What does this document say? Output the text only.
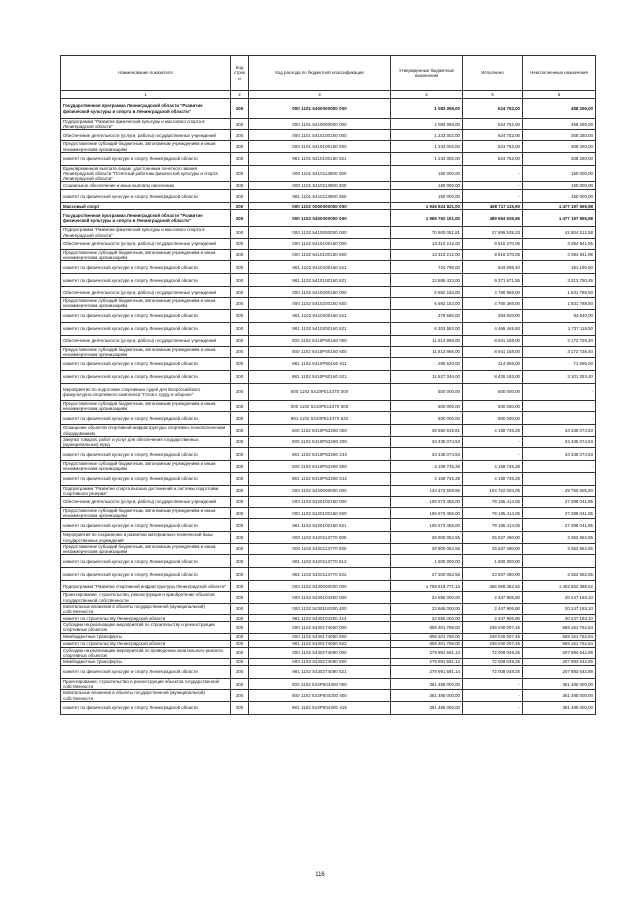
Наименование показателя	Код строк и	Код расхода по бюджетной классификации	Утвержденные бюджетные назначения	Исполнено	Неисполненные назначения
1	2	3	4	5	6
Государственная программа Ленинградской области "Развитие физической культуры и спорта в Ленинградской области"	200	000 1101 5400000000 000	1 083 058,00	624 752,00	458 256,00
Подпрограмма "Развитие физической культуры и массового спорта в Ленинградской области"	200	000 1101 5410000000 000	1 083 058,00	624 752,00	458 256,00
Обеспечение деятельности (услуги, работы) государственных учреждений	200	000 1101 5410100160 000	1 233 002,00	624 752,00	308 250,00
Предоставление субсидий бюджетным, автономным учреждениям и иным некоммерческим организациям	200	000 1101 5410100160 600	1 233 002,00	624 752,00	308 250,00
комитет по физической культуре и спорту Ленинградской области	200	981 1101 5410100160 621	1 233 002,00	624 752,00	308 250,00
Единовременная выплата лицам, удостоенным почетного звания Ленинградской области "Почетный работник физической культуры и спорта Ленинградской области"	200	000 1101 5410113900 000	150 000,00	-	150 000,00
Социальное обеспечение и иные выплаты населению	200	000 1101 5410113900 300	150 000,00	-	150 000,00
комитет по физической культуре и спорту Ленинградской области	200	981 1101 5410113900 350	150 000,00	-	150 000,00
Массовый спорт	200	000 1102 0000000000 000	1 945 924 821,00	468 717 115,90	1 477 197 695,98
Государственная программа Ленинградской области "Развитие физической культуры и спорта в Ленинградской области"	200	000 1102 5400000000 000	1 966 792 101,00	489 594 535,96	1 477 197 695,98
Подпрограмма "Развитие физической культуры и массового спорта в Ленинградской области"	200	000 1102 5410000000 000	70 600 051,81	27 695 539,23	42 804 512,58
Обеспечение деятельности (услуги, работы) государственных учреждений	200	000 1102 5410100160 000	13 310 212,00	9 915 270,05	3 394 941,95
Предоставление субсидий бюджетным, автономным учреждениям и иным некоммерческим организациям	200	000 1102 5410100160 600	13 310 212,00	9 916 270,05	3 394 941,95
комитет по физической культуре и спорту Ленинградской области	200	981 1102 5410100160 611	724 790,00	543 599,40	181 190,60
комитет по физической культуре и спорту Ленинградской области	200	981 1102 5410100160 621	12 585 422,00	9 371 671,55	3 213 750,45
Обеспечение деятельности (услуги, работы) государственных учреждений	200	000 1102 5410200160 000	6 592 153,00	4 780 956,00	1 831 788,50
Предоставление субсидий бюджетным, автономным учреждениям и иным некоммерческим организациям	200	000 1102 5410200160 600	6 592 153,00	4 760 366,00	1 831 788,50
комитет по физической культуре и спорту Ленинградской области	200	981 1102 5410200160 611	378 580,00	283 920,00	94 840,00
комитет по физической культуре и спорту Ленинградской области	200	981 1102 5410200160 621	6 203 563,00	4 466 445,50	1 737 118,50
Обеспечение деятельности (услуги, работы) государственных учреждений	200	000 1102 5410P60160 000	11 813 886,00	8 641 158,00	3 172 726,40
Предоставление субсидий бюджетным, автономным учреждениям и иным некоммерческим организациям	200	000 1102 5410P60160 600	11 813 886,00	8 641 158,00	3 172 726,40
комитет по физической культуре и спорту Ленинградской области	200	981 1102 5410P60160 611	286 520,00	214 965,00	71 595,00
комитет по физической культуре и спорту Ленинградской области	200	981 1102 5410P60160 621	11 527 346,00	8 426 193,00	3 101 053,40
Мероприятия по подготовке спортивных судей для Всероссийского физкультурно-спортивного комплекса "Готов к труду и обороне"	200	000 1102 5410P514370 000	500 000,00	500 000,00	-
Предоставление субсидий бюджетным, автономным учреждениям и иным некоммерческим организациям	200	000 1102 5410P514370 600	500 000,00	500 000,00	-
комитет по физической культуре и спорту Ленинградской области	200	981 1102 5410P514370 622	500 000,00	500 000,00	-
Оснащение объектов спортивной инфраструктуры спортивно-технологическим оборудованием	200	000 1102 5410P52280 000	38 590 819,81	4 159 745,28	34 435 074,53
Закупка товаров, работ и услуг для обеспечения государственных (муниципальных) нужд	200	000 1102 5410P52280 200	34 435 074,53	-	34 435 074,53
комитет по физической культуре и спорту Ленинградской области	200	981 1102 5410P52280 244	34 435 074,53	-	34 435 074,53
Предоставление субсидий бюджетным, автономным учреждениям и иным некоммерческим организациям	200	000 1102 5410P52280 600	4 159 745,28	4 159 745,28	-
комитет по физической культуре и спорту Ленинградской области	200	981 1102 5410P52280 612	4 159 745,28	4 159 745,28	-
Подпрограмма "Развитие спорта высших достижений и системы подготовки спортивного резерва"	200	000 1102 5420000000 000	134 473 609,66	104 722 004,05	29 750 605,60
Обеспечение деятельности (услуги, работы) государственных учреждений	200	000 1102 5420100160 000	106 573 455,00	79 185 414,05	27 388 041,95
Предоставление субсидий бюджетным, автономным учреждениям и иным некоммерческим организациям	200	000 1102 5420100160 600	106 573 455,00	79 185 414,05	27 388 041,95
комитет по физической культуре и спорту Ленинградской области	200	981 1102 5420100160 621	106 573 455,00	79 185 414,05	27 388 041,95
Мероприятия по сохранению и развитию материально-технической базы государственных учреждений	200	000 1102 5420113770 000	28 900 052,55	25 537 490,00	3 362 562,55
Предоставление субсидий бюджетным, автономным учреждениям и иным некоммерческим организациям	200	000 1102 5420113770 600	28 900 052,55	25 537 490,00	3 362 562,55
комитет по физической культуре и спорту Ленинградской области	200	981 1102 5420113770 612	1 600 000,00	1 600 000,00	-
комитет по физической культуре и спорту Ленинградской области	200	981 1102 5420113770 622	27 300 052,55	23 937 490,00	3 362 562,55
Подпрограмма "Развитие спортивной инфраструктуры Ленинградской области"	200	000 1102 5430000000 000	1 759 518 771,14	356 968 382,52	1 402 552 388,62
Проектирование, строительство, реконструкция и приобретение объектов государственной собственности	200	000 1102 5430104300 000	22 665 000,00	2 447 806,90	20 247 193,10
Капитальные вложения в объекты государственной (муниципальной) собственности	200	000 1102 5430104300 400	22 665 000,00	2 447 806,90	20 247 193,10
комитет по строительству Ленинградской области	200	981 1102 5430104300 414	22 665 000,00	2 447 806,90	20 247 193,10
Субсидии на реализацию мероприятий по строительству и реконструкции спортивных объектов	200	000 1102 5430174050 000	808 201 788,00	239 040 007,46	569 161 752,54
Межбюджетные трансферты	200	000 1102 5430174050 500	808 201 788,00	239 040 007,46	569 161 752,54
комитет по строительству Ленинградской области	200	981 1102 5430174050 522	808 201 788,00	239 040 007,46	569 161 752,54
Субсидии на реализацию мероприятий по проведению капитального ремонта спортивных объектов	200	000 1102 5430274080 000	279 991 691,14	72 008 048,25	207 983 642,89
Межбюджетные трансферты	200	000 1102 5430274080 500	279 991 691,14	72 008 048,25	207 983 642,89
комитет по физической культуре и спорту Ленинградской области	200	981 1102 5430274080 521	279 991 691,14	72 008 048,25	207 983 642,89
Проектирование, строительство и реконструкция объектов государственной собственности	200	000 1102 543P504300 000	361 485 000,00	-	361 485 000,00
Капитальные вложения в объекты государственной (муниципальной) собственности	200	000 1102 543P504300 400	361 485 000,00	-	361 485 000,00
комитет по физической культуре и спорту Ленинградской области	200	981 1102 543P504300 415	361 485 000,00	-	361 485 000,00
116
